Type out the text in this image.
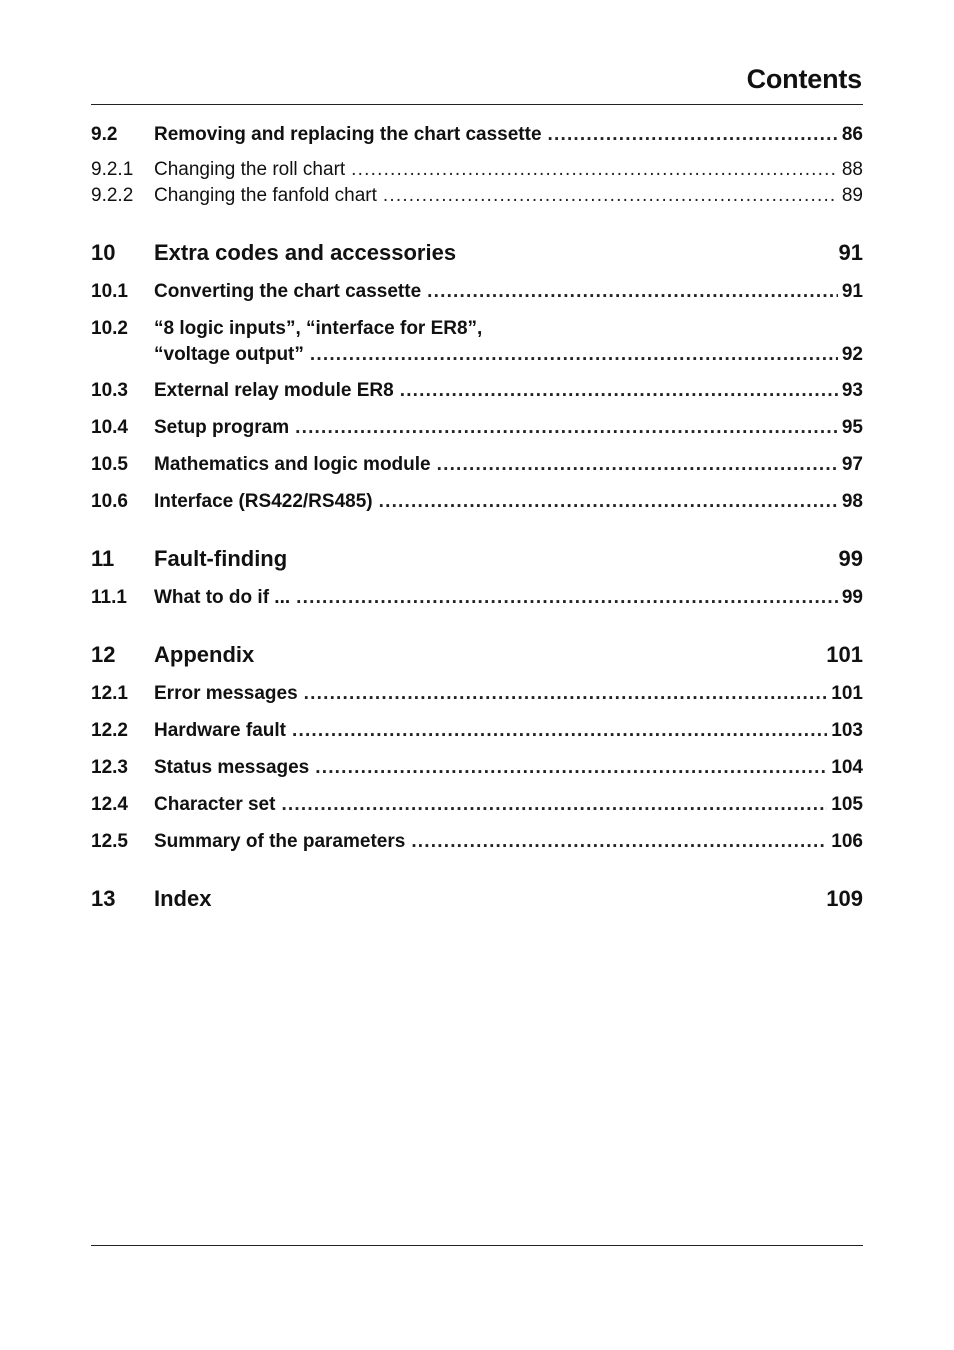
Contents
9.2 Removing and replacing the chart cassette .....	86
9.2.1 Changing the roll chart .....	88
9.2.2 Changing the fanfold chart .....	89
10 Extra codes and accessories	91
10.1 Converting the chart cassette .....	91
10.2 “8 logic inputs”, “interface for ER8”,
“voltage output” .....	92
10.3 External relay module ER8 .....	93
10.4 Setup program .....	95
10.5 Mathematics and logic module .....	97
10.6 Interface (RS422/RS485) .....	98
11 Fault-finding	99
11.1 What to do if ... .....	99
12 Appendix	101
12.1 Error messages .....	101
12.2 Hardware fault .....	103
12.3 Status messages .....	104
12.4 Character set .....	105
12.5 Summary of the parameters .....	106
13 Index	109
